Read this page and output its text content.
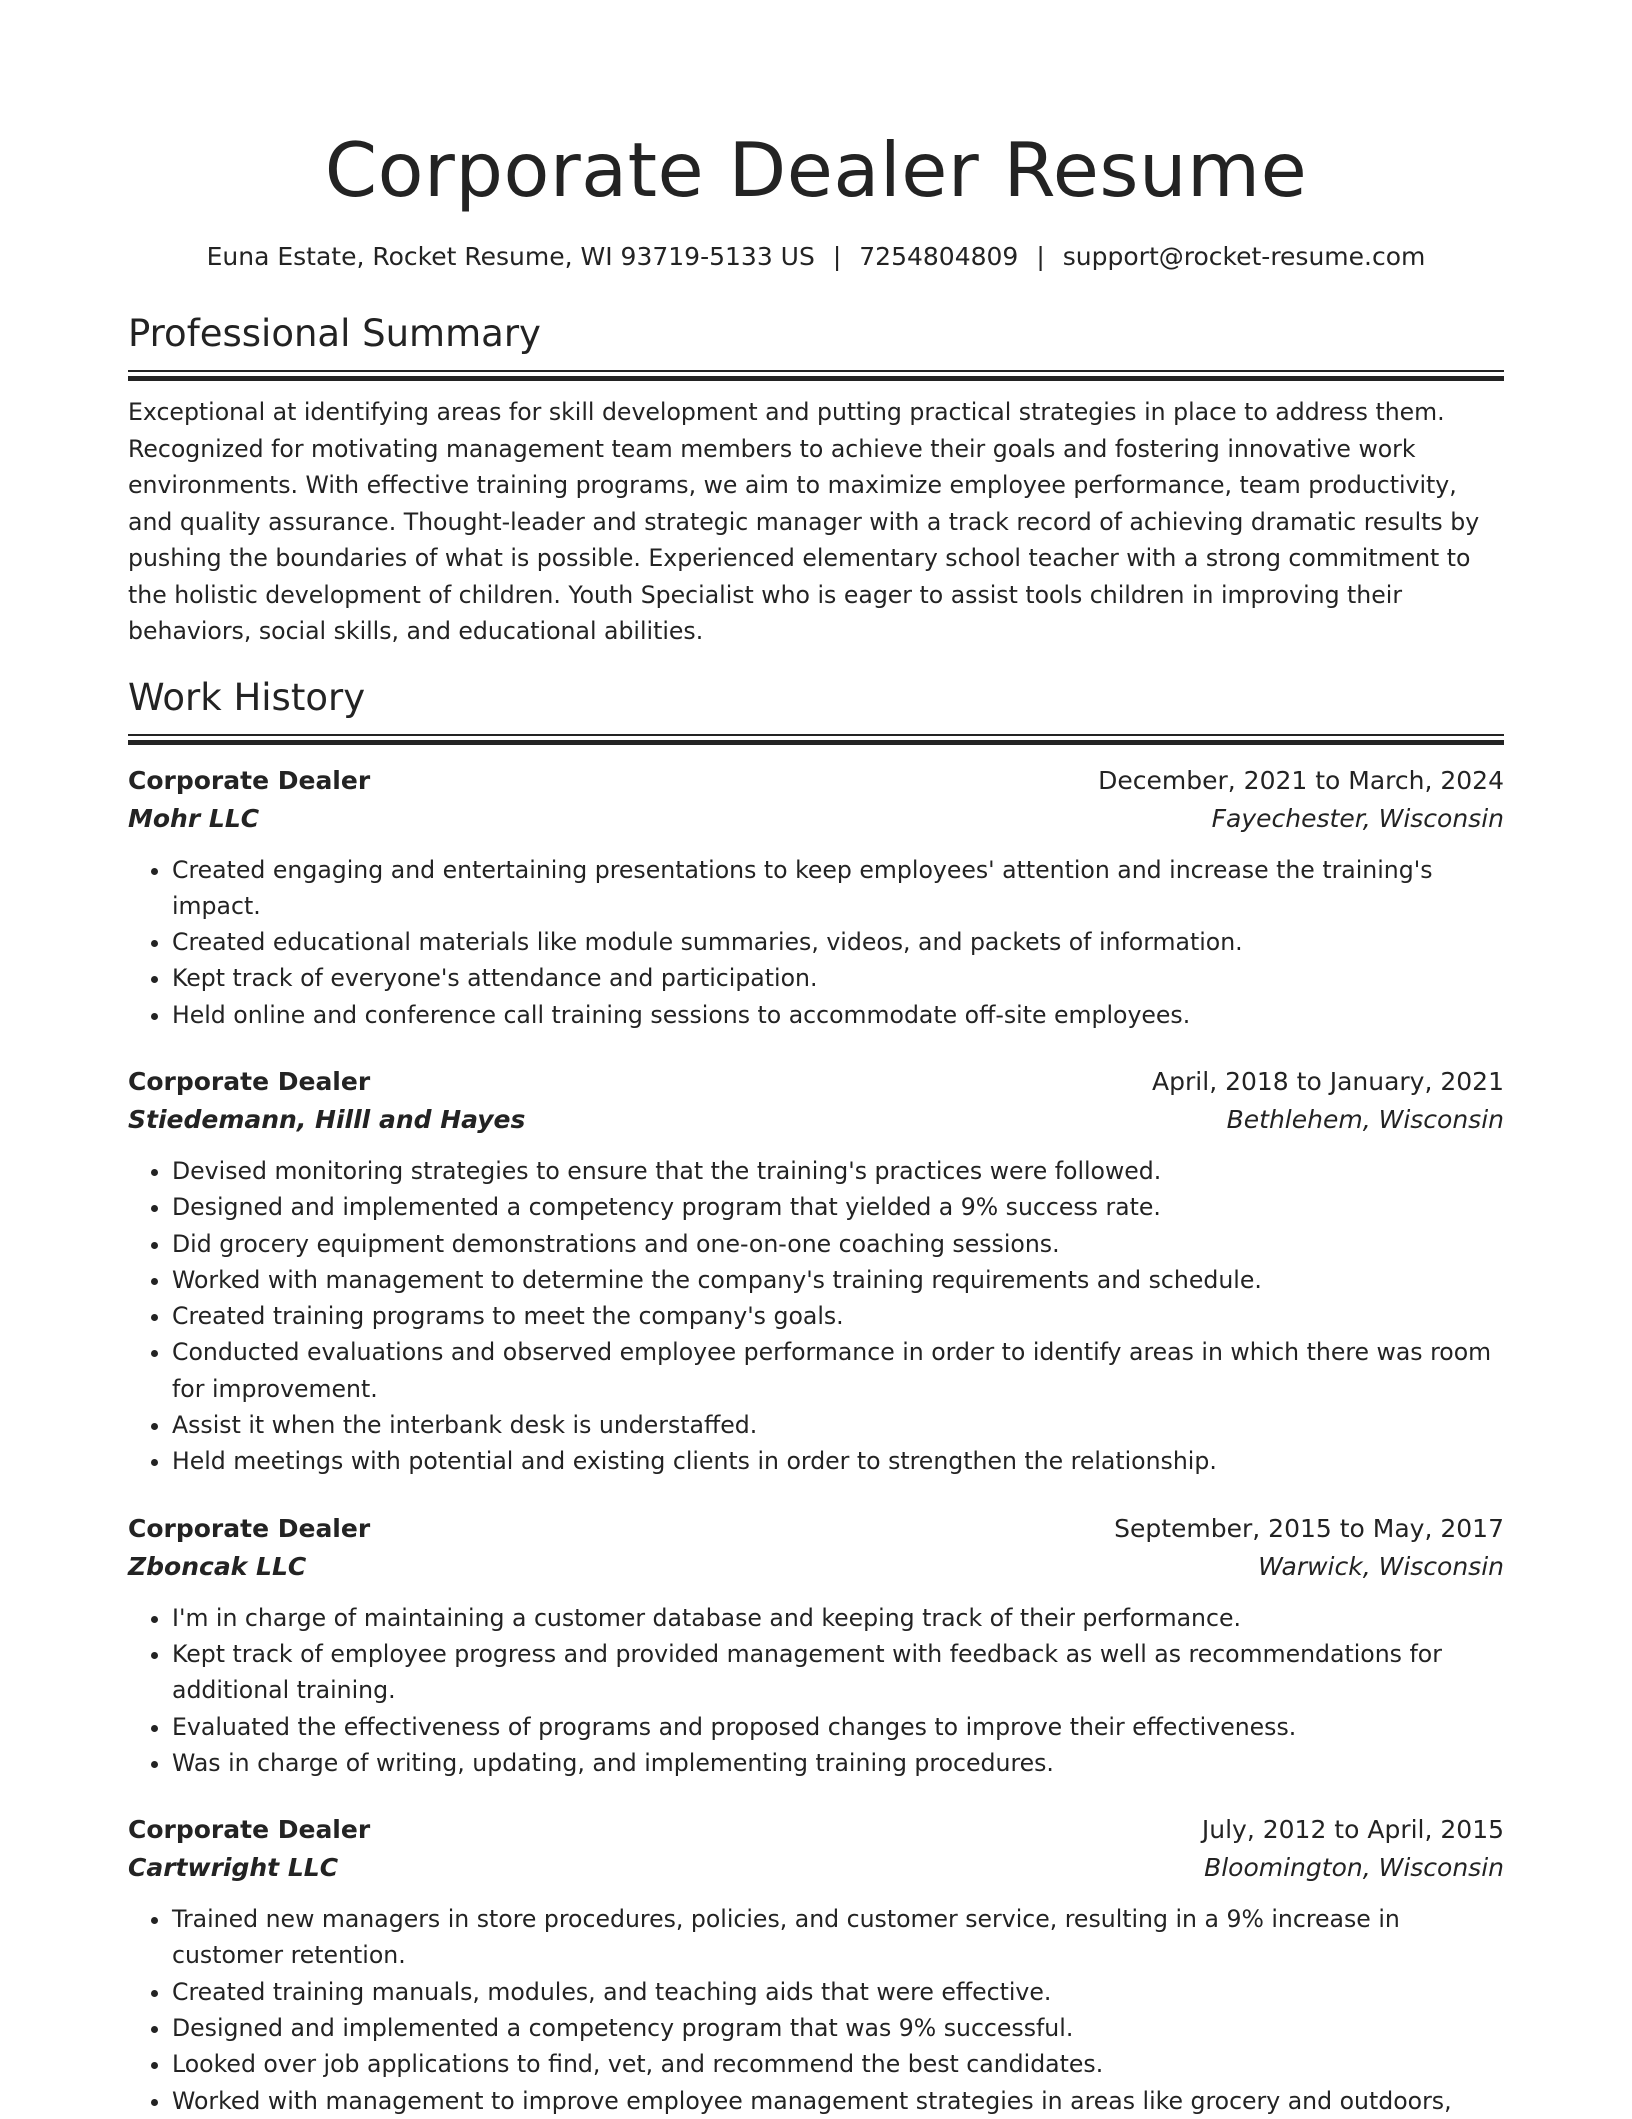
Corporate Dealer Resume
Euna Estate, Rocket Resume, WI 93719-5133 US | 7254804809 | support@rocket-resume.com
Professional Summary
Exceptional at identifying areas for skill development and putting practical strategies in place to address them. Recognized for motivating management team members to achieve their goals and fostering innovative work environments. With effective training programs, we aim to maximize employee performance, team productivity, and quality assurance. Thought-leader and strategic manager with a track record of achieving dramatic results by pushing the boundaries of what is possible. Experienced elementary school teacher with a strong commitment to the holistic development of children. Youth Specialist who is eager to assist tools children in improving their behaviors, social skills, and educational abilities.
Work History
Corporate Dealer	December, 2021 to March, 2024
Mohr LLC	Fayechester, Wisconsin
• Created engaging and entertaining presentations to keep employees' attention and increase the training's impact.
• Created educational materials like module summaries, videos, and packets of information.
• Kept track of everyone's attendance and participation.
• Held online and conference call training sessions to accommodate off-site employees.
Corporate Dealer	April, 2018 to January, 2021
Stiedemann, Hilll and Hayes	Bethlehem, Wisconsin
• Devised monitoring strategies to ensure that the training's practices were followed.
• Designed and implemented a competency program that yielded a 9% success rate.
• Did grocery equipment demonstrations and one-on-one coaching sessions.
• Worked with management to determine the company's training requirements and schedule.
• Created training programs to meet the company's goals.
• Conducted evaluations and observed employee performance in order to identify areas in which there was room for improvement.
• Assist it when the interbank desk is understaffed.
• Held meetings with potential and existing clients in order to strengthen the relationship.
Corporate Dealer	September, 2015 to May, 2017
Zboncak LLC	Warwick, Wisconsin
• I'm in charge of maintaining a customer database and keeping track of their performance.
• Kept track of employee progress and provided management with feedback as well as recommendations for additional training.
• Evaluated the effectiveness of programs and proposed changes to improve their effectiveness.
• Was in charge of writing, updating, and implementing training procedures.
Corporate Dealer	July, 2012 to April, 2015
Cartwright LLC	Bloomington, Wisconsin
• Trained new managers in store procedures, policies, and customer service, resulting in a 9% increase in customer retention.
• Created training manuals, modules, and teaching aids that were effective.
• Designed and implemented a competency program that was 9% successful.
• Looked over job applications to find, vet, and recommend the best candidates.
• Worked with management to improve employee management strategies in areas like grocery and outdoors,
